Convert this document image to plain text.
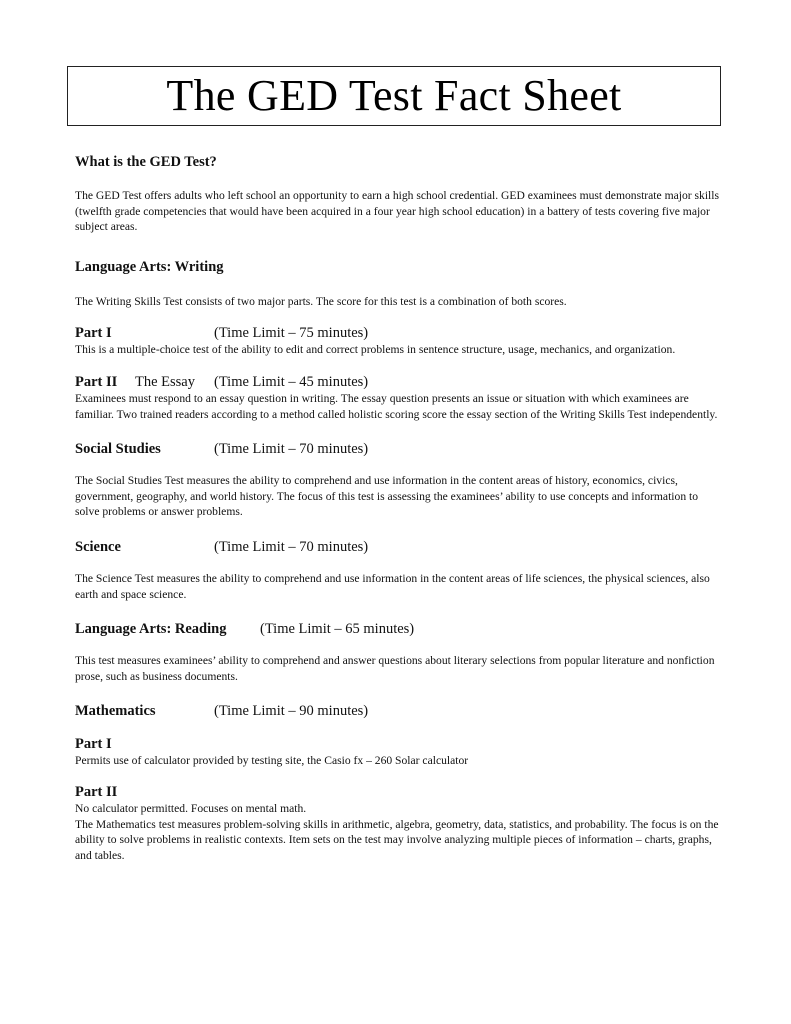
The GED Test Fact Sheet

What is the GED Test?

The GED Test offers adults who left school an opportunity to earn a high school credential. GED examinees must demonstrate major skills (twelfth grade competencies that would have been acquired in a four year high school education) in a battery of tests covering five major subject areas.

Language Arts: Writing

The Writing Skills Test consists of two major parts. The score for this test is a combination of both scores.

Part I	(Time Limit – 75 minutes)

This is a multiple-choice test of the ability to edit and correct problems in sentence structure, usage, mechanics, and organization.

Part II The Essay (Time Limit – 45 minutes)

Examinees must respond to an essay question in writing. The essay question presents an issue or situation with which examinees are familiar. Two trained readers according to a method called holistic scoring score the essay section of the Writing Skills Test independently.

Social Studies	(Time Limit – 70 minutes)

The Social Studies Test measures the ability to comprehend and use information in the content areas of history, economics, civics, government, geography, and world history. The focus of this test is assessing the examinees’ ability to use concepts and information to solve problems or answer problems.

Science	(Time Limit – 70 minutes)

The Science Test measures the ability to comprehend and use information in the content areas of life sciences, the physical sciences, also earth and space science.

Language Arts: Reading (Time Limit – 65 minutes)

This test measures examinees’ ability to comprehend and answer questions about literary selections from popular literature and nonfiction prose, such as business documents.

Mathematics	(Time Limit – 90 minutes)

Part I

Permits use of calculator provided by testing site, the Casio fx – 260 Solar calculator

Part II

No calculator permitted. Focuses on mental math.

The Mathematics test measures problem-solving skills in arithmetic, algebra, geometry, data, statistics, and probability. The focus is on the ability to solve problems in realistic contexts. Item sets on the test may involve analyzing multiple pieces of information – charts, graphs, and tables.
